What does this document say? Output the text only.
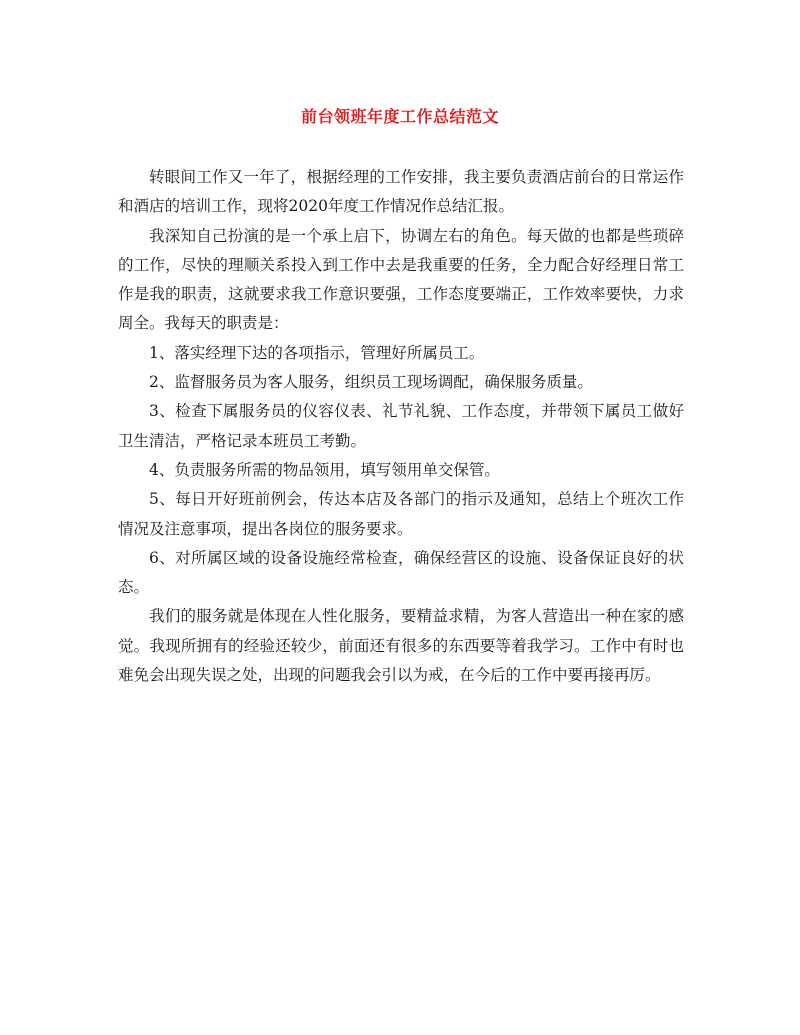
前台领班年度工作总结范文

转眼间工作又一年了，根据经理的工作安排，我主要负责酒店前台的日常运作和酒店的培训工作，现将2020年度工作情况作总结汇报。

我深知自己扮演的是一个承上启下，协调左右的角色。每天做的也都是些琐碎的工作，尽快的理顺关系投入到工作中去是我重要的任务，全力配合好经理日常工作是我的职责，这就要求我工作意识要强，工作态度要端正，工作效率要快，力求周全。我每天的职责是：

1、落实经理下达的各项指示，管理好所属员工。

2、监督服务员为客人服务，组织员工现场调配，确保服务质量。

3、检查下属服务员的仪容仪表、礼节礼貌、工作态度，并带领下属员工做好卫生清洁，严格记录本班员工考勤。

4、负责服务所需的物品领用，填写领用单交保管。

5、每日开好班前例会，传达本店及各部门的指示及通知，总结上个班次工作情况及注意事项，提出各岗位的服务要求。

6、对所属区域的设备设施经常检查，确保经营区的设施、设备保证良好的状态。

我们的服务就是体现在人性化服务，要精益求精，为客人营造出一种在家的感觉。我现所拥有的经验还较少，前面还有很多的东西要等着我学习。工作中有时也难免会出现失误之处，出现的问题我会引以为戒，在今后的工作中要再接再厉。
